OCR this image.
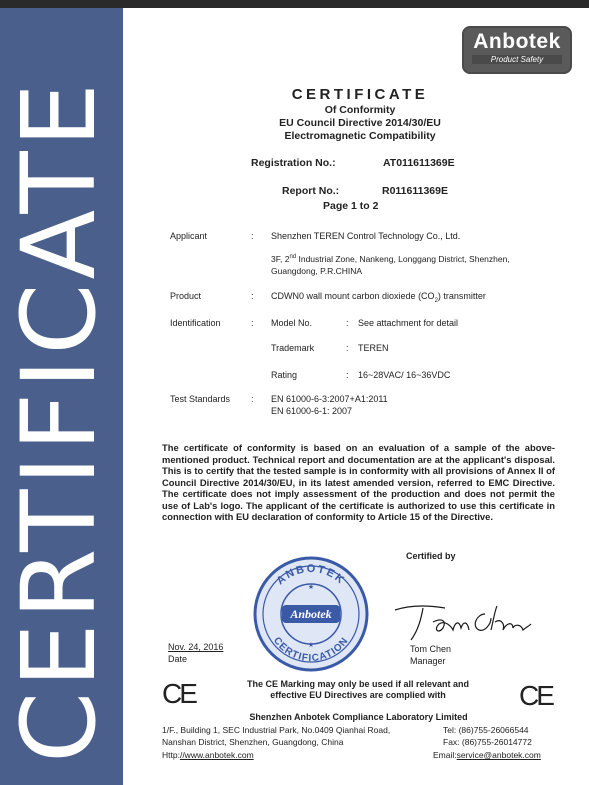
CERTIFICATE
Anbotek
Product Safety
CERTIFICATE
Of Conformity
EU Council Directive 2014/30/EU
Electromagnetic Compatibility
Registration No.:	AT011611369E
Report No.:	R011611369E
Page 1 to 2
Applicant	: Shenzhen TEREN Control Technology Co., Ltd.
3F, 2nd Industrial Zone, Nankeng, Longgang District, Shenzhen,
Guangdong, P.R.CHINA
Product	: CDWN0 wall mount carbon dioxiede $(CO_2)$ transmitter
Identification	: Model No.	: See attachment for detail
Trademark	: TEREN
Rating	: 16~28VAC/ 16~36VDC
Test Standards : EN 61000-6-3:2007+A1:2011
EN 61000-6-1: 2007
The certificate of conformity is based on an evaluation of a sample of the above-mentioned product. Technical report and documentation are at the applicant's disposal. This is to certify that the tested sample is in conformity with all provisions of Annex II of Council Directive 2014/30/EU, in its latest amended version, referred to EMC Directive. The certificate does not imply assessment of the production and does not permit the use of Lab's logo. The applicant of the certificate is authorized to use this certificate in connection with EU declaration of conformity to Article 15 of the Directive.
Certified by
ANBOTEK
Anbotek
CERTIFICATION
★
★
Nov. 24, 2016
Date
Tom Chen
Manager
CE	CE
The CE Marking may only be used if all relevant and
effective EU Directives are complied with
Shenzhen Anbotek Compliance Laboratory Limited
1/F., Building 1, SEC Industrial Park, No.0409 Qianhai Road,	Tel: (86)755-26066544
Nanshan District, Shenzhen, Guangdong, China	Fax: (86)755-26014772
Http://www.anbotek.com	Email:service@anbotek.com
